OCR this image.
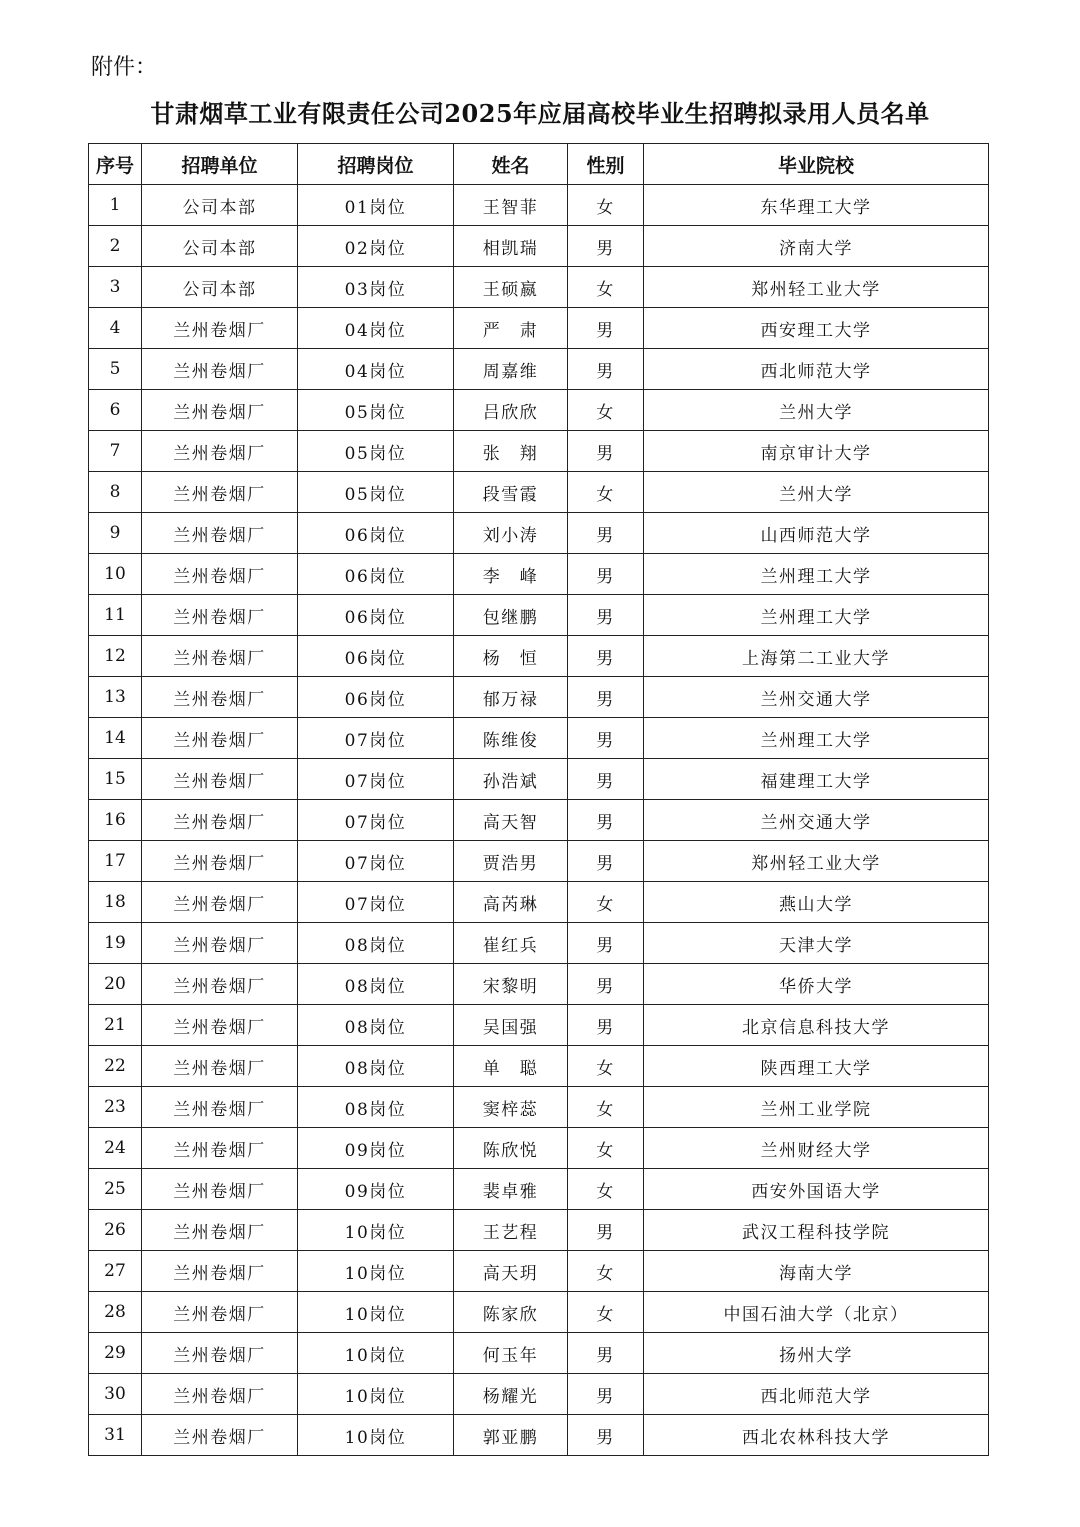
附件：
甘肃烟草工业有限责任公司2025年应届高校毕业生招聘拟录用人员名单
序号	招聘单位	招聘岗位	姓名	性别	毕业院校
1	公司本部	01岗位	王智菲	女	东华理工大学
2	公司本部	02岗位	相凯瑞	男	济南大学
3	公司本部	03岗位	王硕嬴	女	郑州轻工业大学
4	兰州卷烟厂	04岗位	严　肃	男	西安理工大学
5	兰州卷烟厂	04岗位	周嘉维	男	西北师范大学
6	兰州卷烟厂	05岗位	吕欣欣	女	兰州大学
7	兰州卷烟厂	05岗位	张　翔	男	南京审计大学
8	兰州卷烟厂	05岗位	段雪霞	女	兰州大学
9	兰州卷烟厂	06岗位	刘小涛	男	山西师范大学
10	兰州卷烟厂	06岗位	李　峰	男	兰州理工大学
11	兰州卷烟厂	06岗位	包继鹏	男	兰州理工大学
12	兰州卷烟厂	06岗位	杨　恒	男	上海第二工业大学
13	兰州卷烟厂	06岗位	郁万禄	男	兰州交通大学
14	兰州卷烟厂	07岗位	陈维俊	男	兰州理工大学
15	兰州卷烟厂	07岗位	孙浩斌	男	福建理工大学
16	兰州卷烟厂	07岗位	高天智	男	兰州交通大学
17	兰州卷烟厂	07岗位	贾浩男	男	郑州轻工业大学
18	兰州卷烟厂	07岗位	高芮琳	女	燕山大学
19	兰州卷烟厂	08岗位	崔红兵	男	天津大学
20	兰州卷烟厂	08岗位	宋黎明	男	华侨大学
21	兰州卷烟厂	08岗位	吴国强	男	北京信息科技大学
22	兰州卷烟厂	08岗位	单　聪	女	陕西理工大学
23	兰州卷烟厂	08岗位	窦梓蕊	女	兰州工业学院
24	兰州卷烟厂	09岗位	陈欣悦	女	兰州财经大学
25	兰州卷烟厂	09岗位	裴卓雅	女	西安外国语大学
26	兰州卷烟厂	10岗位	王艺程	男	武汉工程科技学院
27	兰州卷烟厂	10岗位	高天玥	女	海南大学
28	兰州卷烟厂	10岗位	陈家欣	女	中国石油大学（北京）
29	兰州卷烟厂	10岗位	何玉年	男	扬州大学
30	兰州卷烟厂	10岗位	杨耀光	男	西北师范大学
31	兰州卷烟厂	10岗位	郭亚鹏	男	西北农林科技大学
